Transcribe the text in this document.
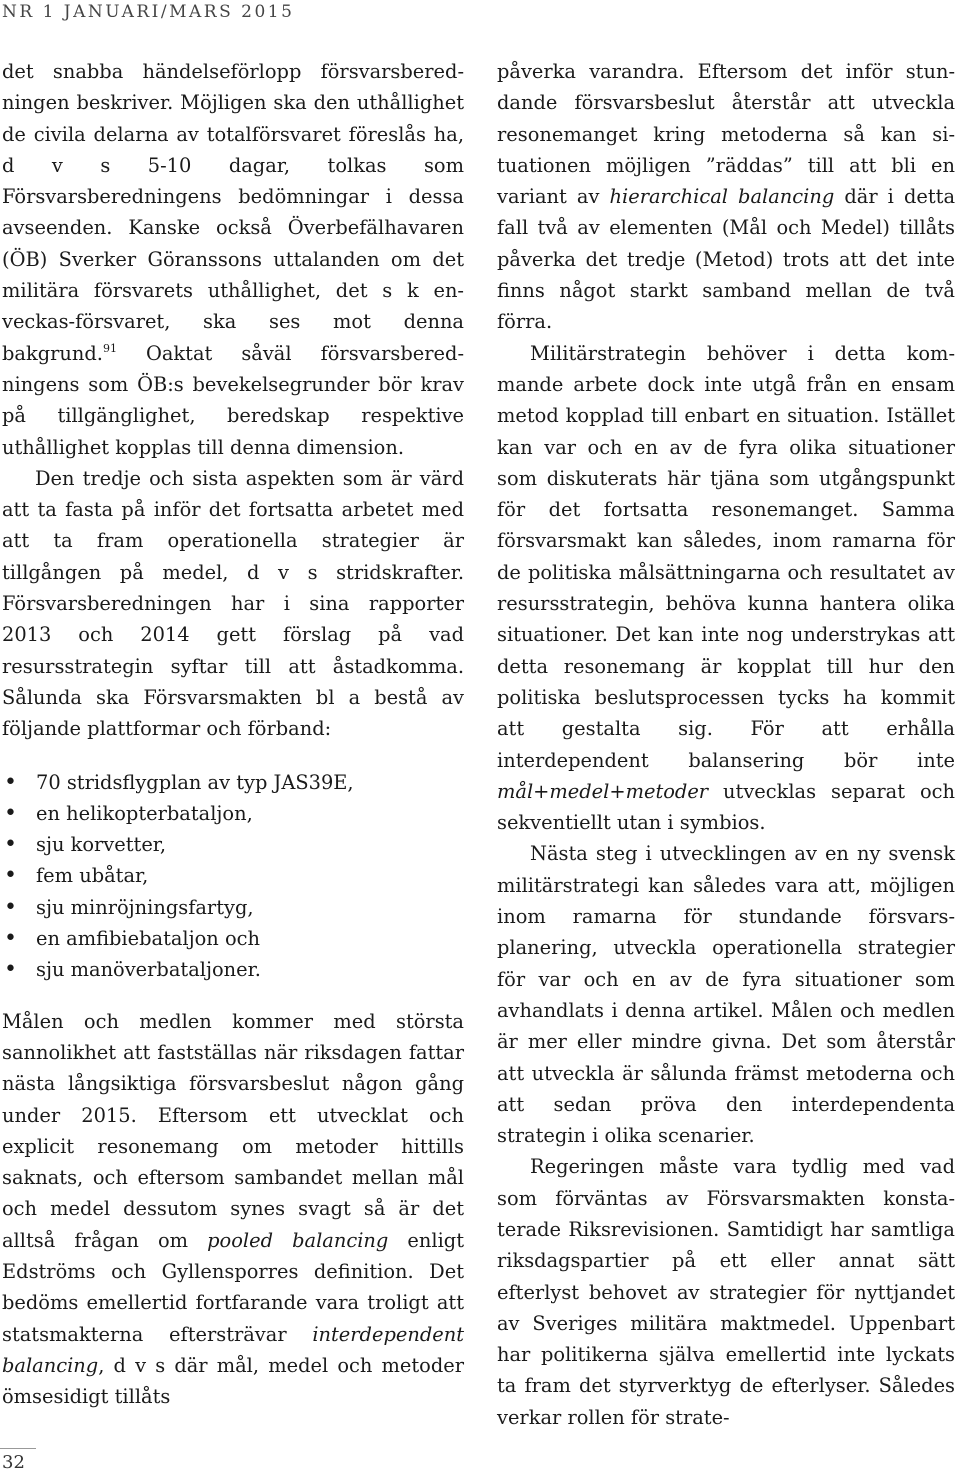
NR 1 JANUARI/MARS 2015

det snabba händelseförlopp försvarsberedningen beskriver. Möjligen ska den uthållighet de civila delarna av totalförsvaret föreslås ha, d v s 5-10 dagar, tolkas som Försvarsberedningens bedömningar i dessa avseenden. Kanske också Överbefälhavaren (ÖB) Sverker Göranssons uttalanden om det militära försvarets uthållighet, det s k en-veckas-försvaret, ska ses mot denna bakgrund.$^{91}$ Oaktat såväl försvarsberedningens som ÖB:s bevekelsegrunder bör krav på tillgänglighet, beredskap respektive uthållighet kopplas till denna dimension.

Den tredje och sista aspekten som är värd att ta fasta på inför det fortsatta arbetet med att ta fram operationella strategier är tillgången på medel, d v s stridskrafter. Försvarsberedningen har i sina rapporter 2013 och 2014 gett förslag på vad resursstrategin syftar till att åstadkomma. Sålunda ska Försvarsmakten bl a bestå av följande plattformar och förband:

• 70 stridsflygplan av typ JAS39E,
• en helikopterbataljon,
• sju korvetter,
• fem ubåtar,
• sju minröjningsfartyg,
• en amfibiebataljon och
• sju manöverbataljoner.

Målen och medlen kommer med största sannolikhet att fastställas när riksdagen fattar nästa långsiktiga försvarsbeslut någon gång under 2015. Eftersom ett utvecklat och explicit resonemang om metoder hittills saknats, och eftersom sambandet mellan mål och medel dessutom synes svagt så är det alltså frågan om pooled balancing enligt Edströms och Gyllensporres definition. Det bedöms emellertid fortfarande vara troligt att statsmakterna eftersträvar interdependent balancing, d v s där mål, medel och metoder ömsesidigt tillåts

påverka varandra. Eftersom det inför stundande försvarsbeslut återstår att utveckla resonemanget kring metoderna så kan situationen möjligen ”räddas” till att bli en variant av hierarchical balancing där i detta fall två av elementen (Mål och Medel) tillåts påverka det tredje (Metod) trots att det inte finns något starkt samband mellan de två förra.

Militärstrategin behöver i detta kommande arbete dock inte utgå från en ensam metod kopplad till enbart en situation. Istället kan var och en av de fyra olika situationer som diskuterats här tjäna som utgångspunkt för det fortsatta resonemanget. Samma försvarsmakt kan således, inom ramarna för de politiska målsättningarna och resultatet av resursstrategin, behöva kunna hantera olika situationer. Det kan inte nog understrykas att detta resonemang är kopplat till hur den politiska beslutsprocessen tycks ha kommit att gestalta sig. För att erhålla interdependent balansering bör inte mål+medel+metoder utvecklas separat och sekventiellt utan i symbios.

Nästa steg i utvecklingen av en ny svensk militärstrategi kan således vara att, möjligen inom ramarna för stundande försvarsplanering, utveckla operationella strategier för var och en av de fyra situationer som avhandlats i denna artikel. Målen och medlen är mer eller mindre givna. Det som återstår att utveckla är sålunda främst metoderna och att sedan pröva den interdependenta strategin i olika scenarier.

Regeringen måste vara tydlig med vad som förväntas av Försvarsmakten konstaterade Riksrevisionen. Samtidigt har samtliga riksdagspartier på ett eller annat sätt efterlyst behovet av strategier för nyttjandet av Sveriges militära maktmedel. Uppenbart har politikerna själva emellertid inte lyckats ta fram det styrverktyg de efterlyser. Således verkar rollen för strate-

32
